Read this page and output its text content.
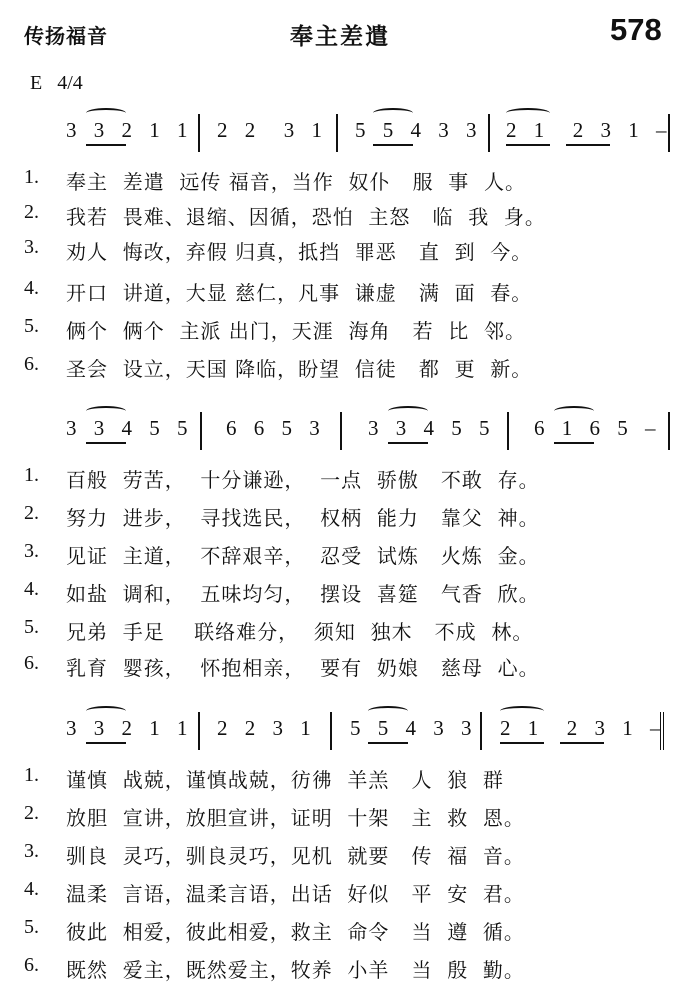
传扬福音	奉主差遣	578
E   4/4
3 3 2 1 1 2 2  3 1 5 5 4 3 3 2 1  2 3 1 –
1. 奉主  差遣  远传 福音，当作  奴仆   服  事  人。
2. 我若  畏难、退缩、因循，恐怕  主怒   临  我  身。
3. 劝人  悔改，弃假 归真，抵挡  罪恶   直  到  今。
4. 开口  讲道，大显 慈仁，凡事  谦虚   满  面  春。
5. 俩个  俩个  主派 出门，天涯  海角   若  比  邻。
6. 圣会  设立，天国 降临，盼望  信徒   都  更  新。
3 3 4 5 5 6 6 5 3 3 3 4 5 5 6 1 6 5 –
1. 百般  劳苦，  十分谦逊，  一点  骄傲   不敢  存。
2. 努力  进步，  寻找选民，  权柄  能力   靠父  神。
3. 见证  主道，  不辞艰辛，  忍受  试炼   火炼  金。
4. 如盐  调和，  五味均匀，  摆设  喜筵   气香  欣。
5. 兄弟  手足    联络难分，  须知  独木   不成  林。
6. 乳育  婴孩，  怀抱相亲，  要有  奶娘   慈母  心。
3 3 2 1 1 2 2 3 1 5 5 4 3 3 2 1  2 3 1 –
1. 谨慎  战兢，谨慎战兢，彷彿  羊羔   人  狼  群
2. 放胆  宣讲，放胆宣讲，证明  十架   主  救  恩。
3. 驯良  灵巧，驯良灵巧，见机  就要   传  福  音。
4. 温柔  言语，温柔言语，出话  好似   平  安  君。
5. 彼此  相爱，彼此相爱，救主  命令   当  遵  循。
6. 既然  爱主，既然爱主，牧养  小羊   当  殷  勤。
